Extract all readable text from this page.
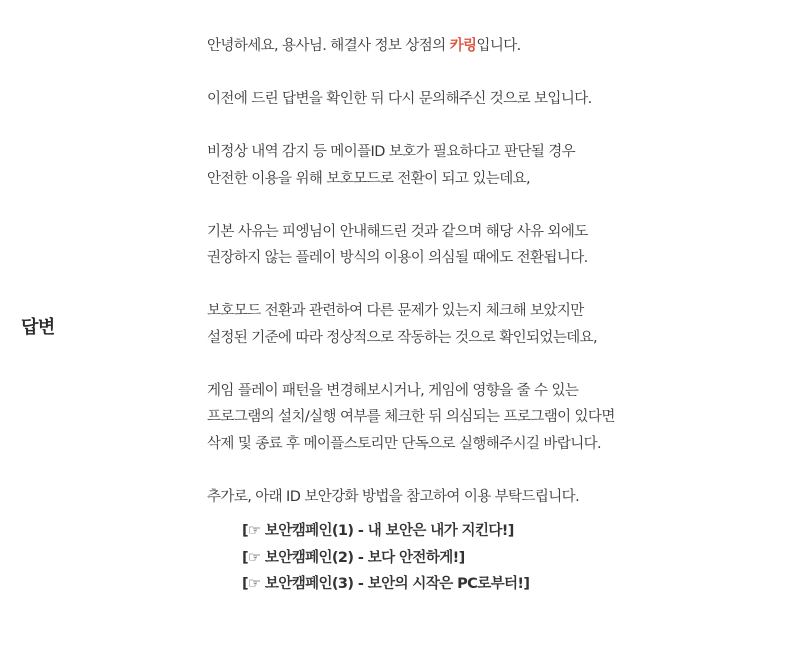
답변
안녕하세요, 용사님. 해결사 정보 상점의 카링입니다.
이전에 드린 답변을 확인한 뒤 다시 문의해주신 것으로 보입니다.
비정상 내역 감지 등 메이플ID 보호가 필요하다고 판단될 경우
안전한 이용을 위해 보호모드로 전환이 되고 있는데요,
기본 사유는 피엥님이 안내해드린 것과 같으며 해당 사유 외에도
권장하지 않는 플레이 방식의 이용이 의심될 때에도 전환됩니다.
보호모드 전환과 관련하여 다른 문제가 있는지 체크해 보았지만
설정된 기준에 따라 정상적으로 작동하는 것으로 확인되었는데요,
게임 플레이 패턴을 변경해보시거나, 게임에 영향을 줄 수 있는
프로그램의 설치/실행 여부를 체크한 뒤 의심되는 프로그램이 있다면
삭제 및 종료 후 메이플스토리만 단독으로 실행해주시길 바랍니다.
추가로, 아래 ID 보안강화 방법을 참고하여 이용 부탁드립니다.
[☞ 보안캠페인(1) - 내 보안은 내가 지킨다!]
[☞ 보안캠페인(2) - 보다 안전하게!]
[☞ 보안캠페인(3) - 보안의 시작은 PC로부터!]
